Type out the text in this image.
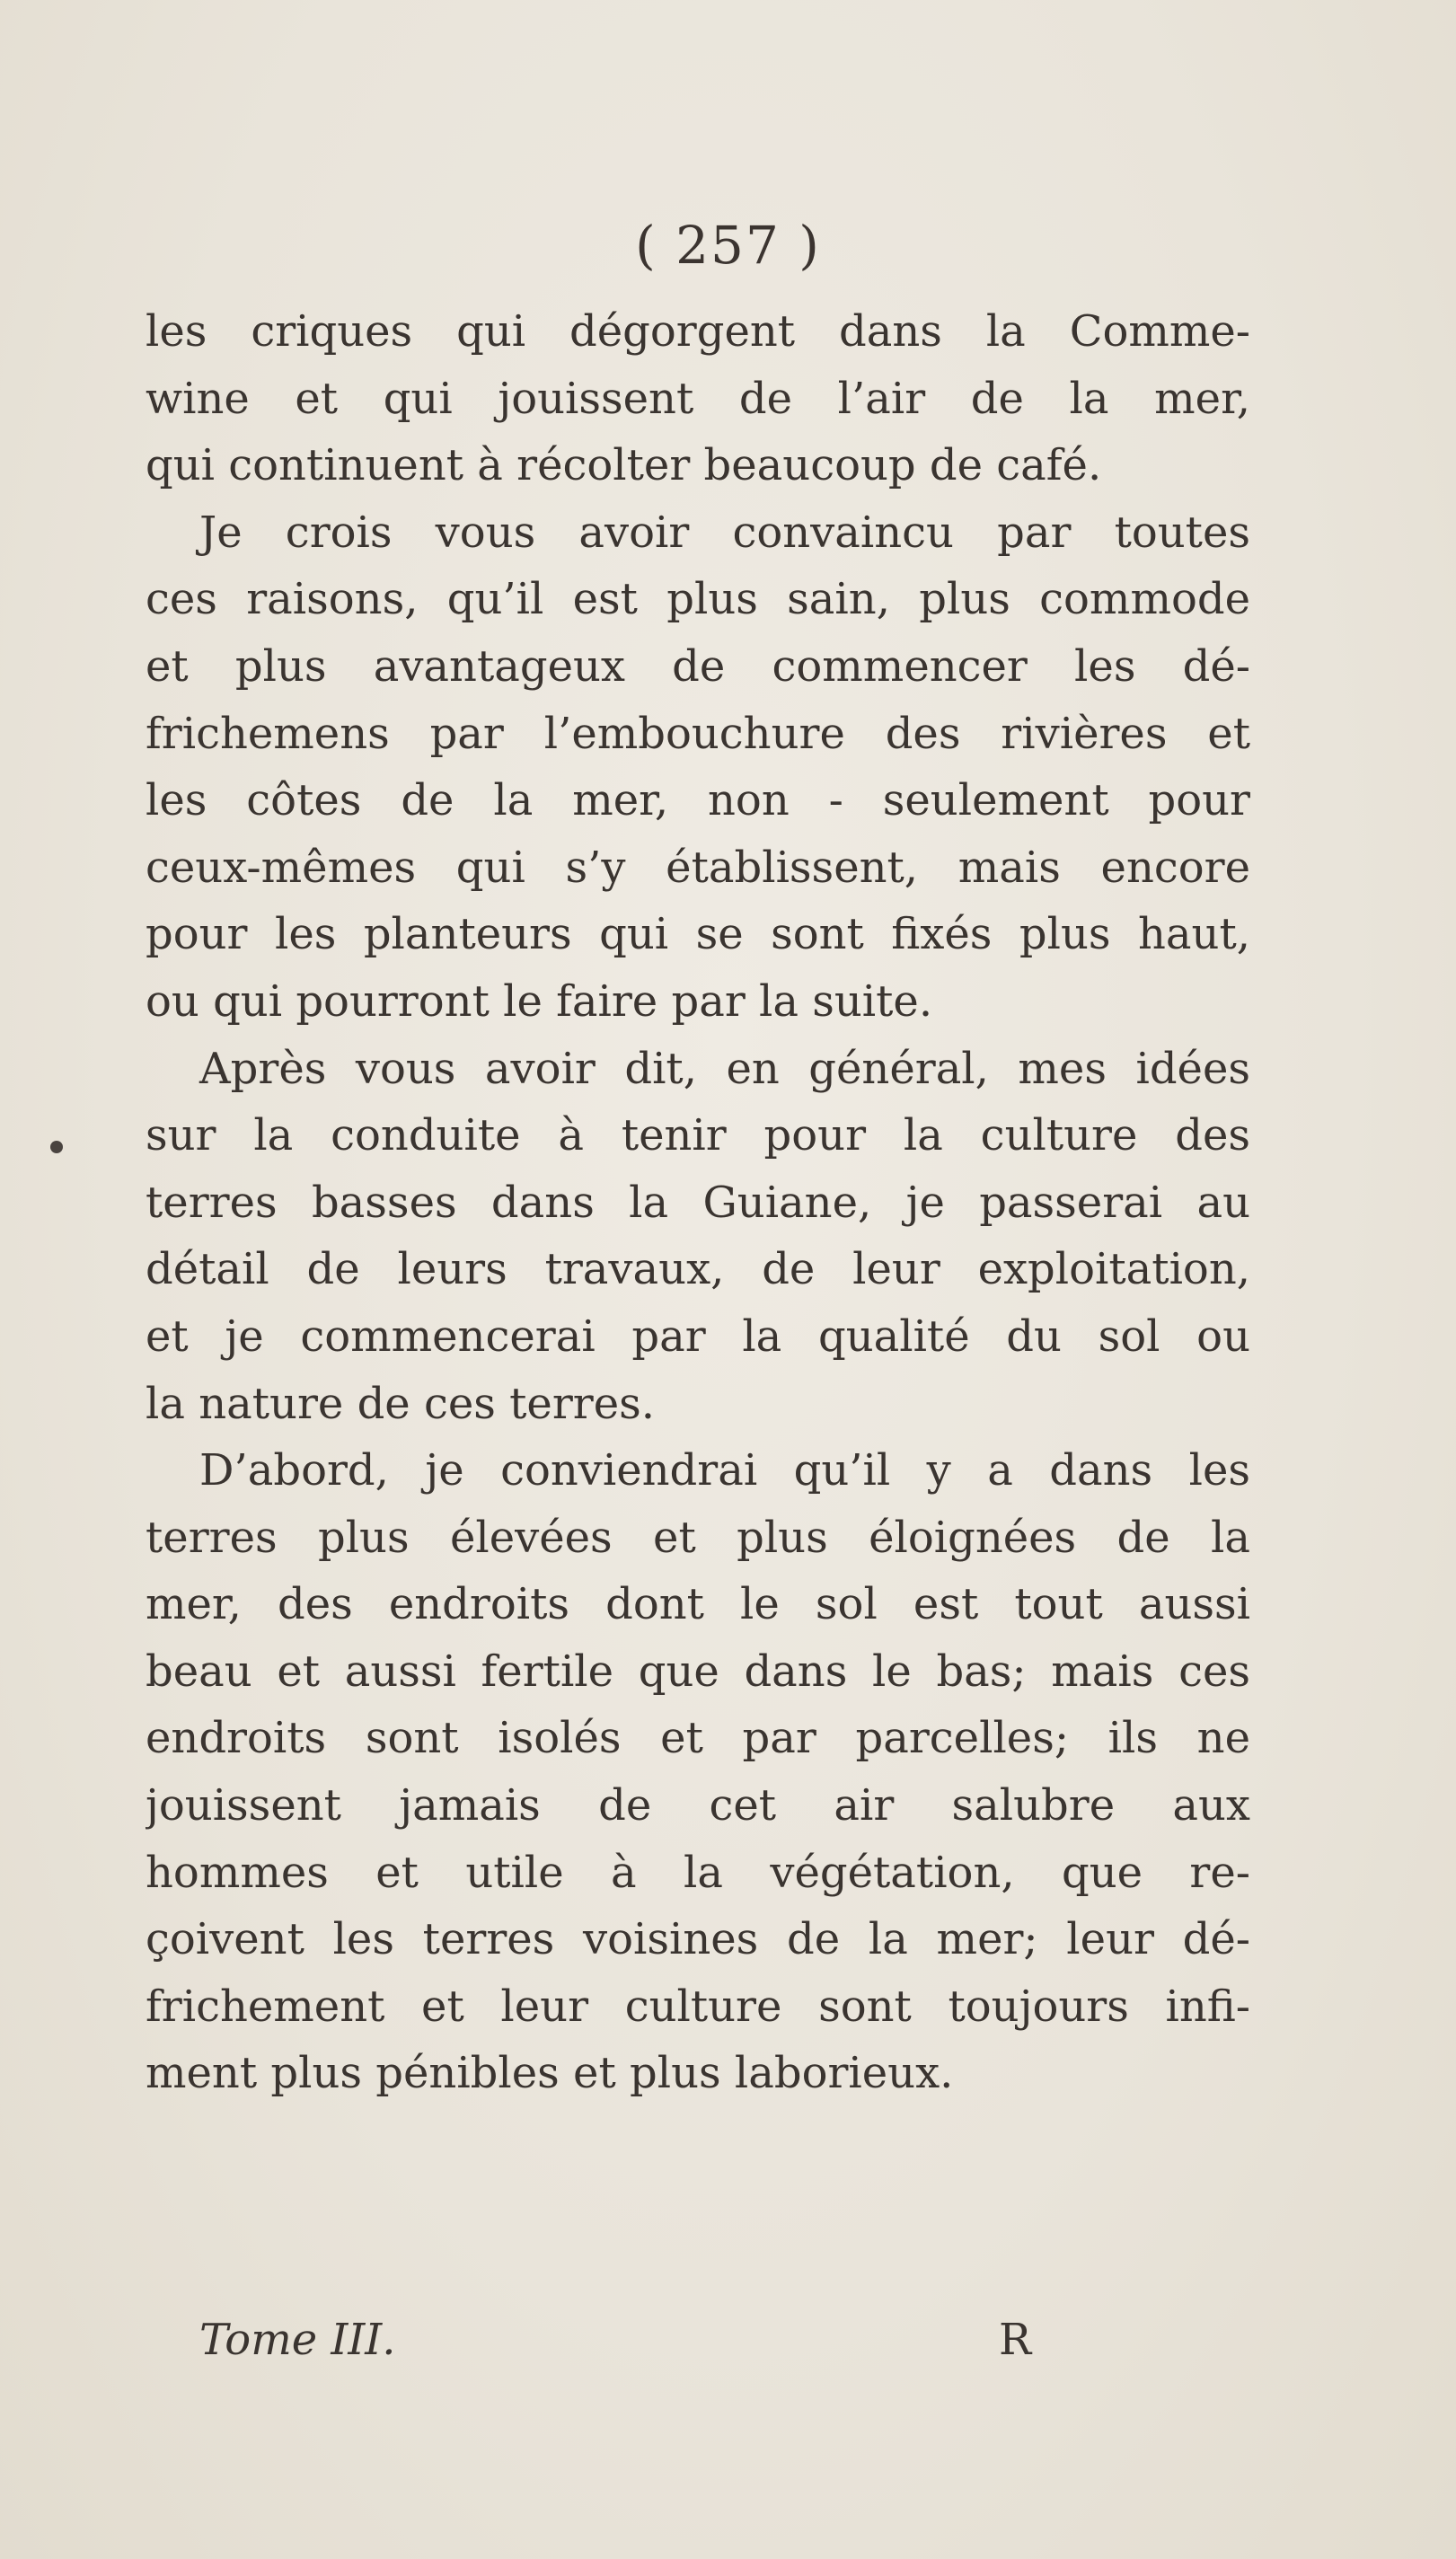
( 257 )
les criques qui dégorgent dans la Comme-
wine et qui jouissent de l’air de la mer,
qui continuent à récolter beaucoup de café.
Je crois vous avoir convaincu par toutes
ces raisons, qu’il est plus sain, plus commode
et plus avantageux de commencer les dé-
frichemens par l’embouchure des rivières et
les côtes de la mer, non - seulement pour
ceux-mêmes qui s’y établissent, mais encore
pour les planteurs qui se sont fixés plus haut,
ou qui pourront le faire par la suite.
Après vous avoir dit, en général, mes idées
sur la conduite à tenir pour la culture des
terres basses dans la Guiane, je passerai au
détail de leurs travaux, de leur exploitation,
et je commencerai par la qualité du sol ou
la nature de ces terres.
D’abord, je conviendrai qu’il y a dans les
terres plus élevées et plus éloignées de la
mer, des endroits dont le sol est tout aussi
beau et aussi fertile que dans le bas; mais ces
endroits sont isolés et par parcelles; ils ne
jouissent jamais de cet air salubre aux
hommes et utile à la végétation, que re-
çoivent les terres voisines de la mer; leur dé-
frichement et leur culture sont toujours infi-
ment plus pénibles et plus laborieux.
Tome III.	R
